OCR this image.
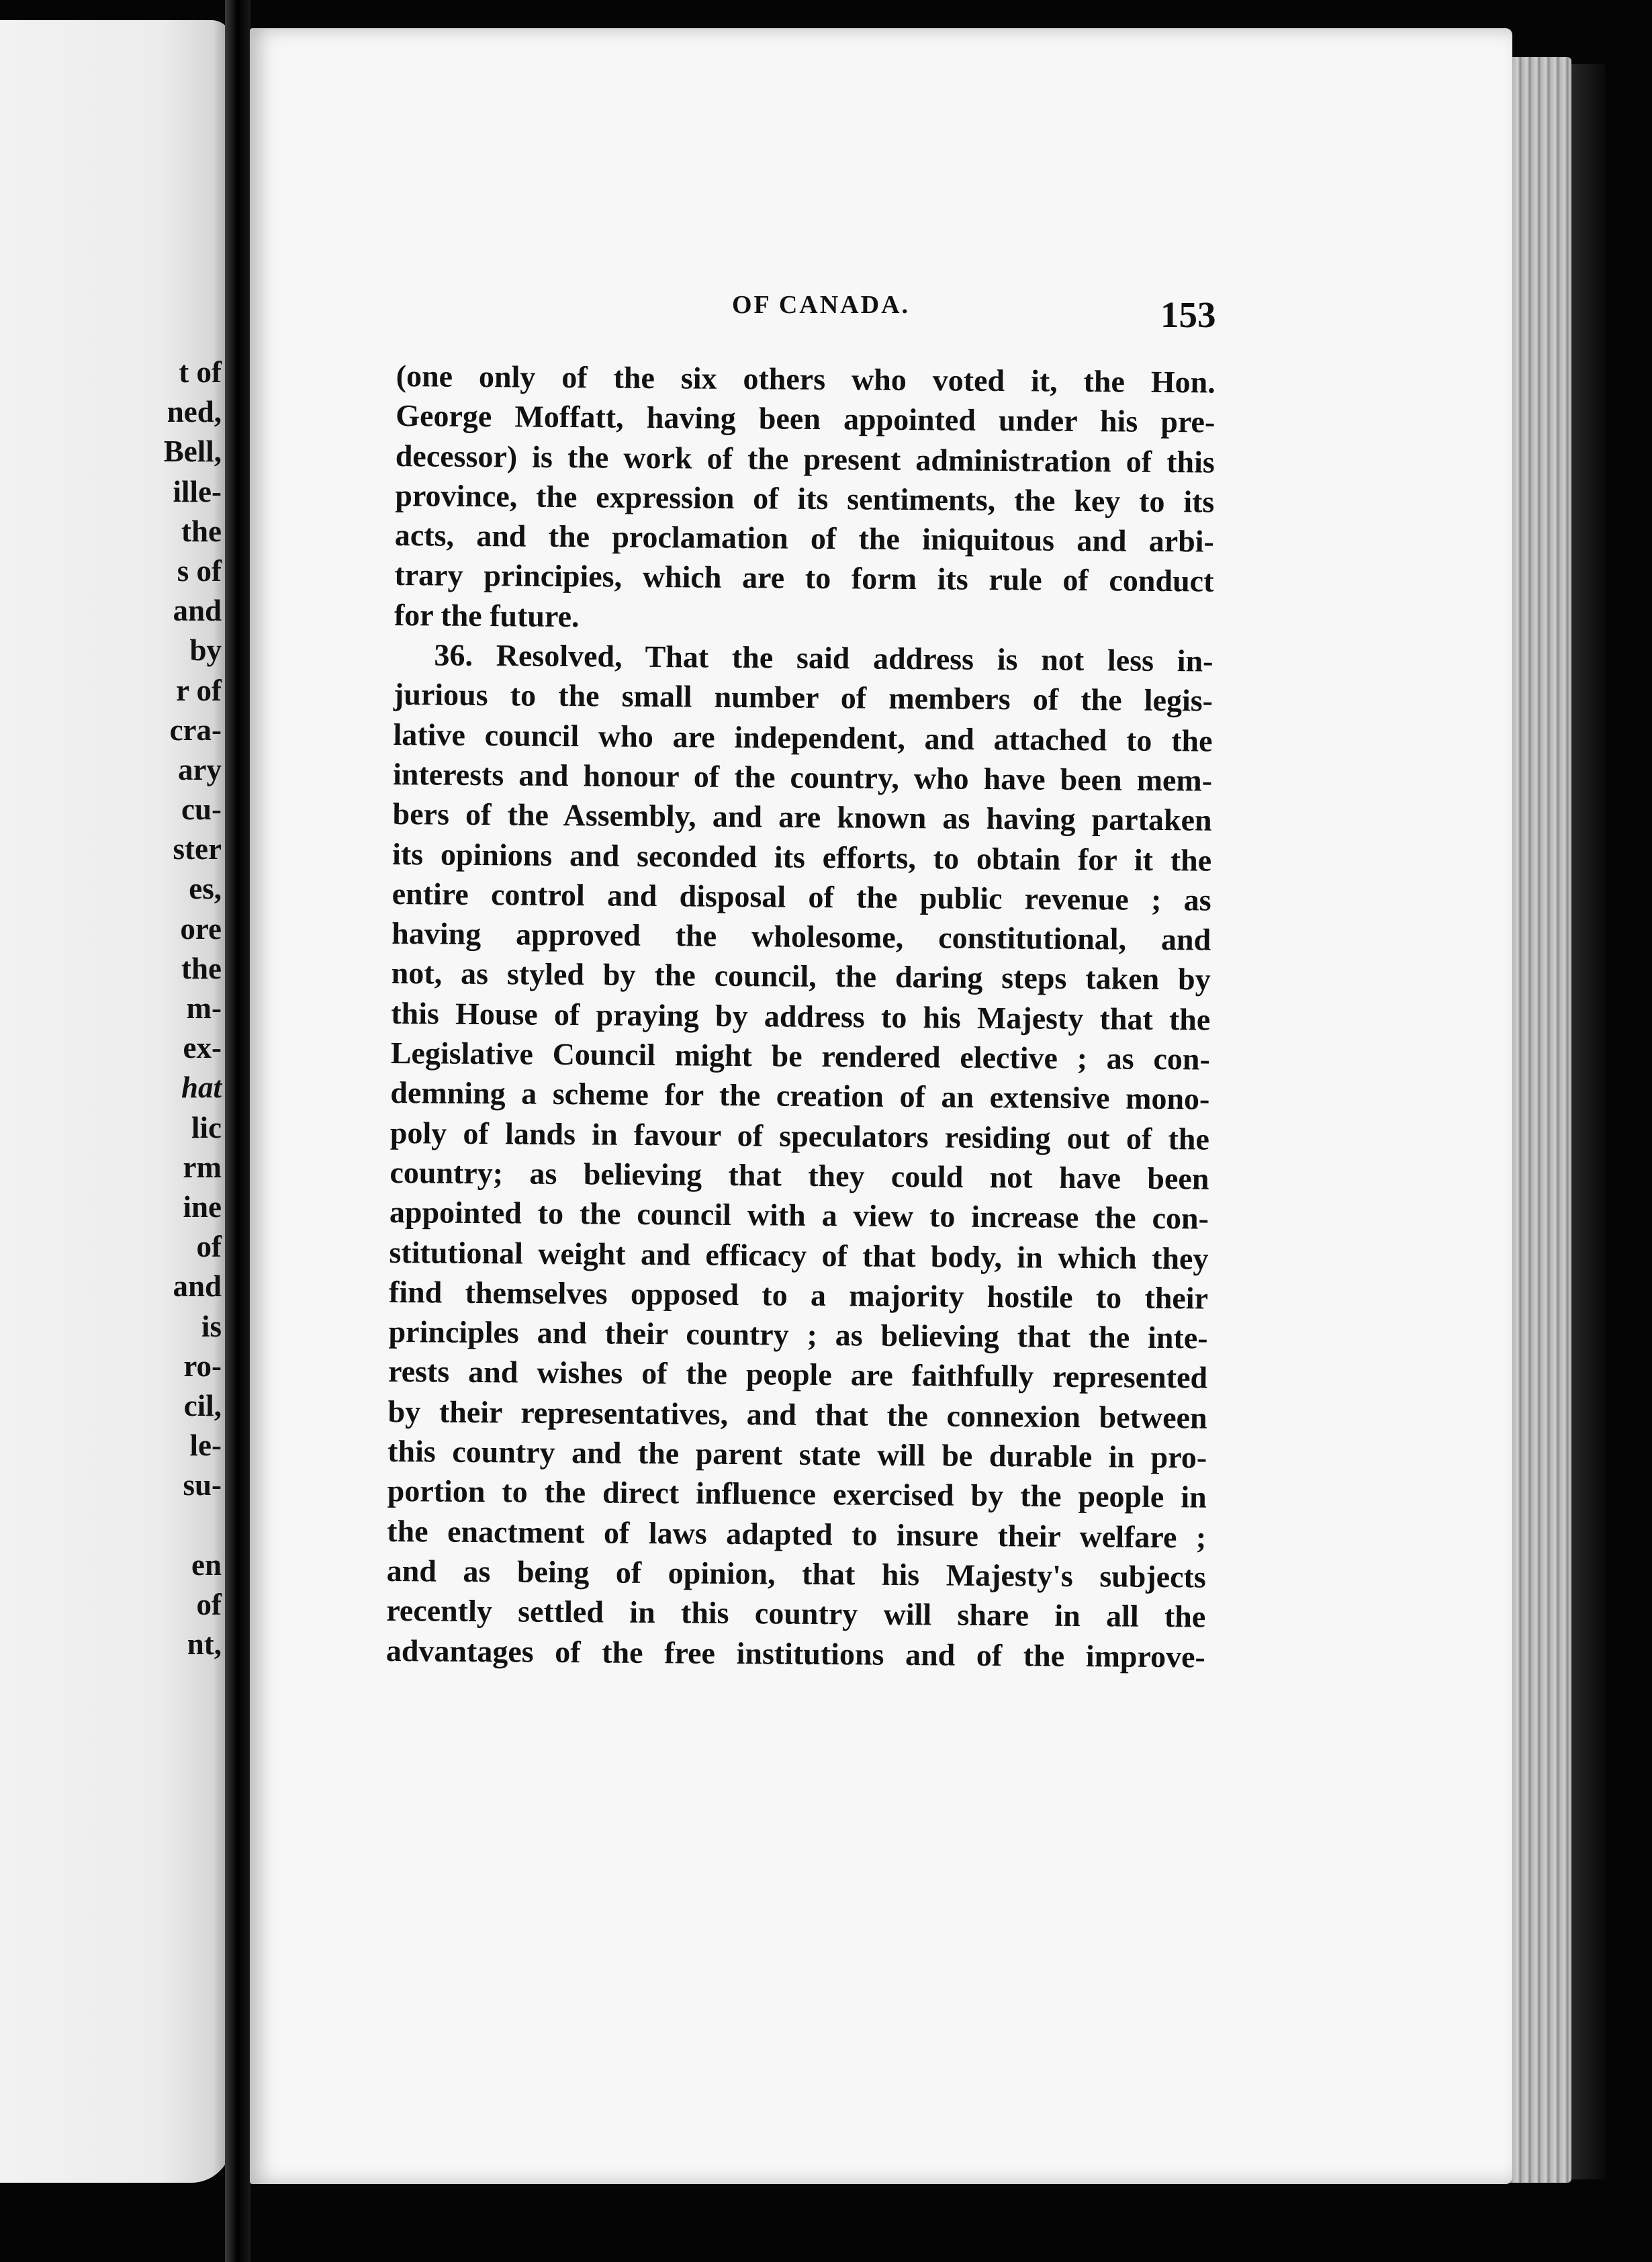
t of
ned,
Bell,
ille-
the
s of
and
by
r of
cra-
ary
cu-
ster
es,
ore
the
m-
ex-
hat
lic
rm
ine
of
and
is
ro-
cil,
le-
su-
en
of
nt,
OF CANADA.	153
(one only of the six others who voted it, the Hon.
George Moffatt, having been appointed under his pre-
decessor) is the work of the present administration of this
province, the expression of its sentiments, the key to its
acts, and the proclamation of the iniquitous and arbi-
trary principies, which are to form its rule of conduct
for the future.
36. Resolved, That the said address is not less in-
jurious to the small number of members of the legis-
lative council who are independent, and attached to the
interests and honour of the country, who have been mem-
bers of the Assembly, and are known as having partaken
its opinions and seconded its efforts, to obtain for it the
entire control and disposal of the public revenue ; as
having approved the wholesome, constitutional, and
not, as styled by the council, the daring steps taken by
this House of praying by address to his Majesty that the
Legislative Council might be rendered elective ; as con-
demning a scheme for the creation of an extensive mono-
poly of lands in favour of speculators residing out of the
country; as believing that they could not have been
appointed to the council with a view to increase the con-
stitutional weight and efficacy of that body, in which they
find themselves opposed to a majority hostile to their
principles and their country ; as believing that the inte-
rests and wishes of the people are faithfully represented
by their representatives, and that the connexion between
this country and the parent state will be durable in pro-
portion to the direct influence exercised by the people in
the enactment of laws adapted to insure their welfare ;
and as being of opinion, that his Majesty's subjects
recently settled in this country will share in all the
advantages of the free institutions and of the improve-
